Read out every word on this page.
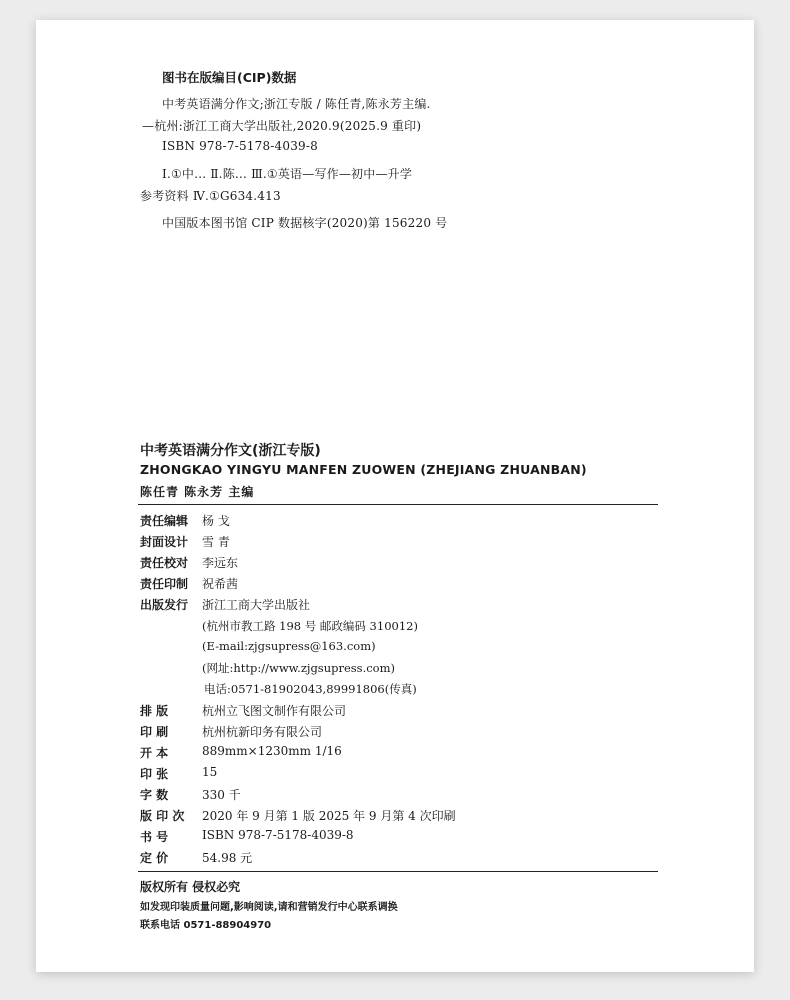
图书在版编目(CIP)数据
中考英语满分作文;浙江专版 / 陈任青,陈永芳主编.
—杭州:浙江工商大学出版社,2020.9(2025.9 重印)
ISBN 978-7-5178-4039-8
Ⅰ.①中… Ⅱ.陈… Ⅲ.①英语—写作—初中—升学
参考资料 Ⅳ.①G634.413
中国版本图书馆 CIP 数据核字(2020)第 156220 号
中考英语满分作文(浙江专版)
ZHONGKAO YINGYU MANFEN ZUOWEN (ZHEJIANG ZHUANBAN)
陈任青 陈永芳 主编
责任编辑 杨 戈
封面设计 雪 青
责任校对 李远东
责任印制 祝希茜
出版发行 浙江工商大学出版社
(杭州市教工路 198 号 邮政编码 310012)
(E-mail:zjgsupress@163.com)
(网址:http://www.zjgsupress.com)
电话:0571-81902043,89991806(传真)
排 版	杭州立飞图文制作有限公司
印 刷	杭州杭新印务有限公司
开 本	889mm×1230mm 1/16
印 张	15
字 数	330 千
版 印 次 2020 年 9 月第 1 版 2025 年 9 月第 4 次印刷
书 号	ISBN 978-7-5178-4039-8
定 价	54.98 元
版权所有 侵权必究
如发现印装质量问题,影响阅读,请和营销发行中心联系调换
联系电话 0571-88904970
